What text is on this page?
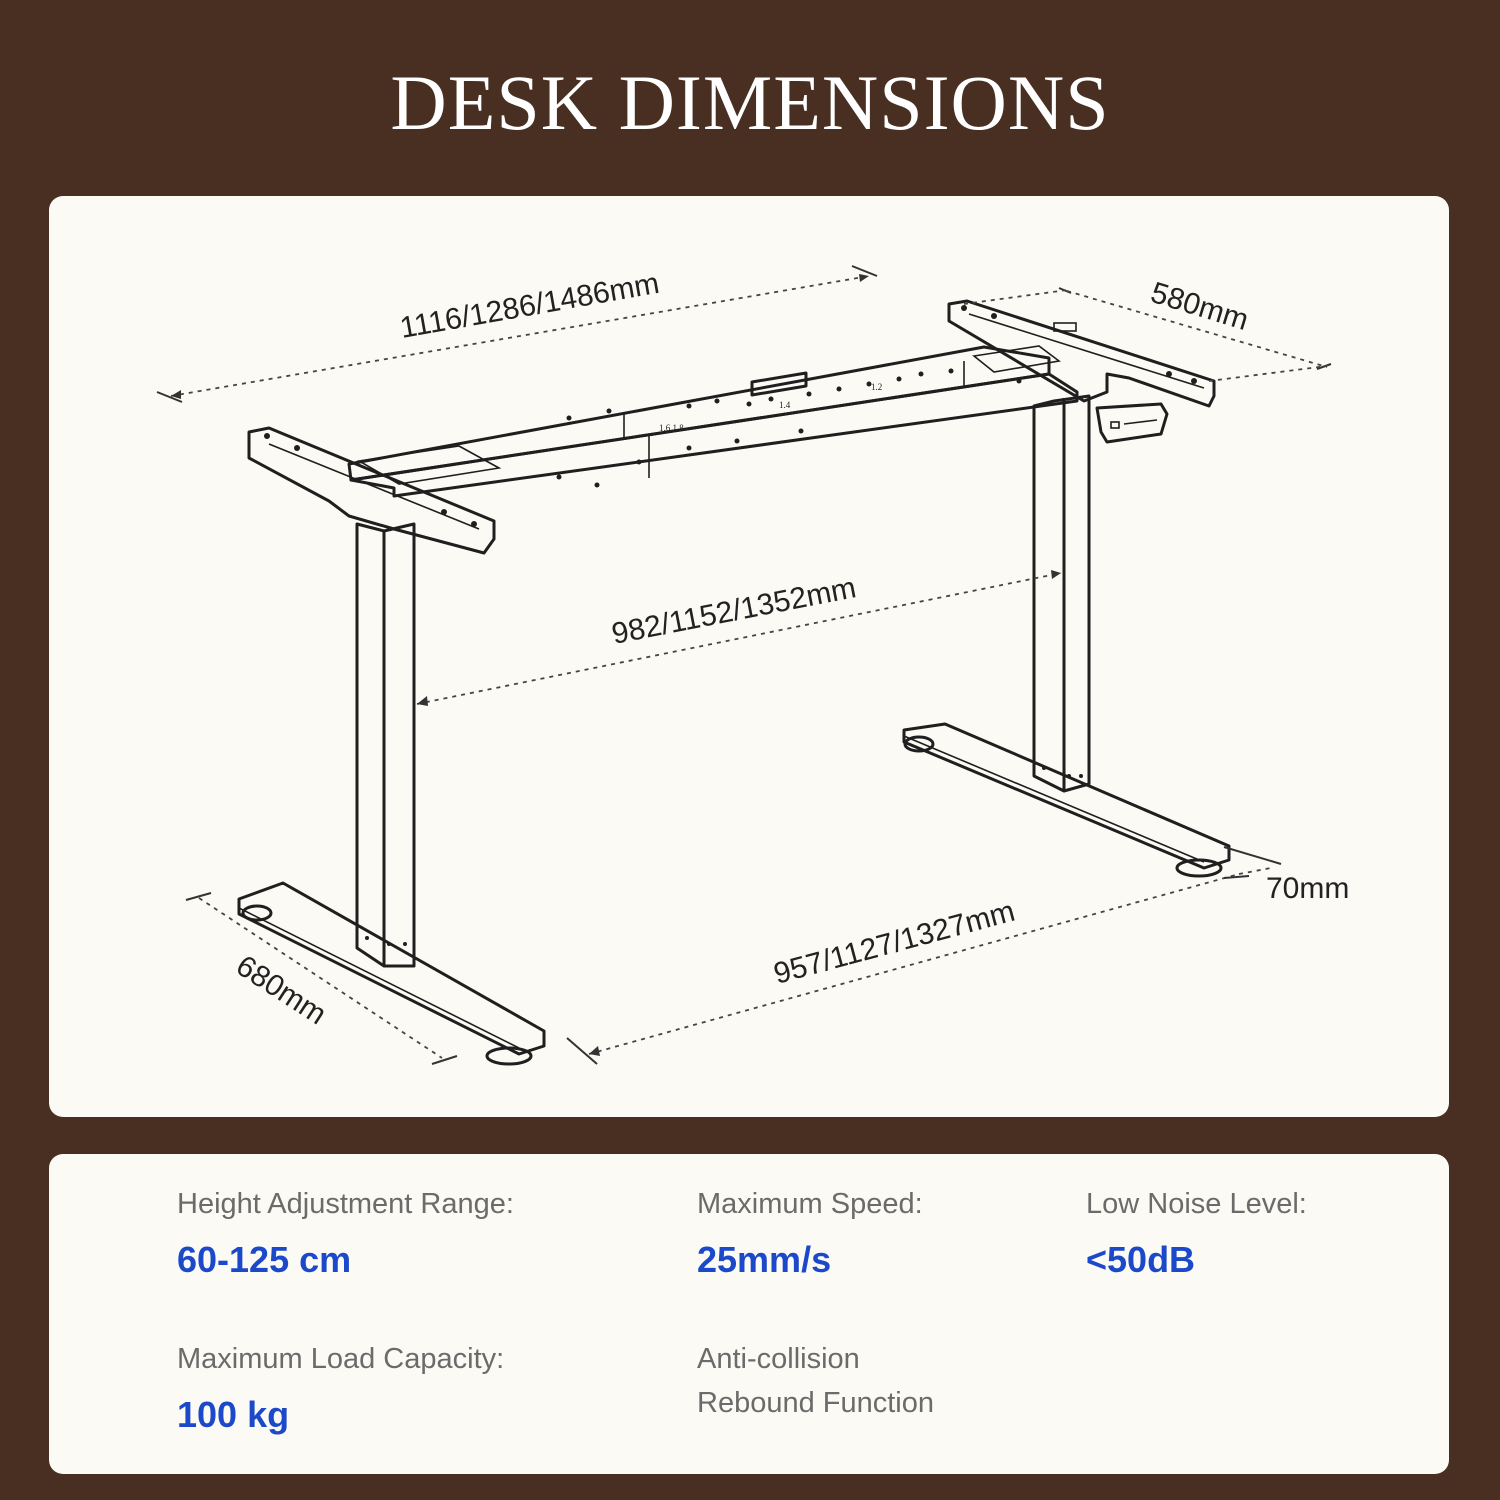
DESK DIMENSIONS
1.6 1.8
1.4
1.2
1116/1286/1486mm	580mm
982/1152/1352mm
680mm	957/1127/1327mm
70mm
Height Adjustment Range:
60-125 cm
Maximum Speed:
25mm/s
Low Noise Level:
<50dB
Maximum Load Capacity:
100 kg
Anti-collision
Rebound Function
